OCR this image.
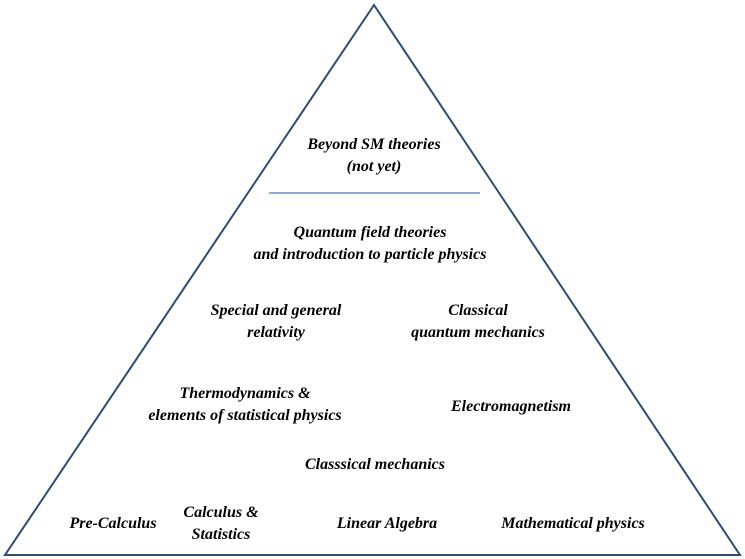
Beyond SM theories
(not yet)
Quantum field theories
and introduction to particle physics
Special and general
relativity
Classical
quantum mechanics
Thermodynamics &
elements of statistical physics
Electromagnetism
Classsical mechanics
Pre-Calculus
Calculus &
Statistics
Linear Algebra	Mathematical physics
